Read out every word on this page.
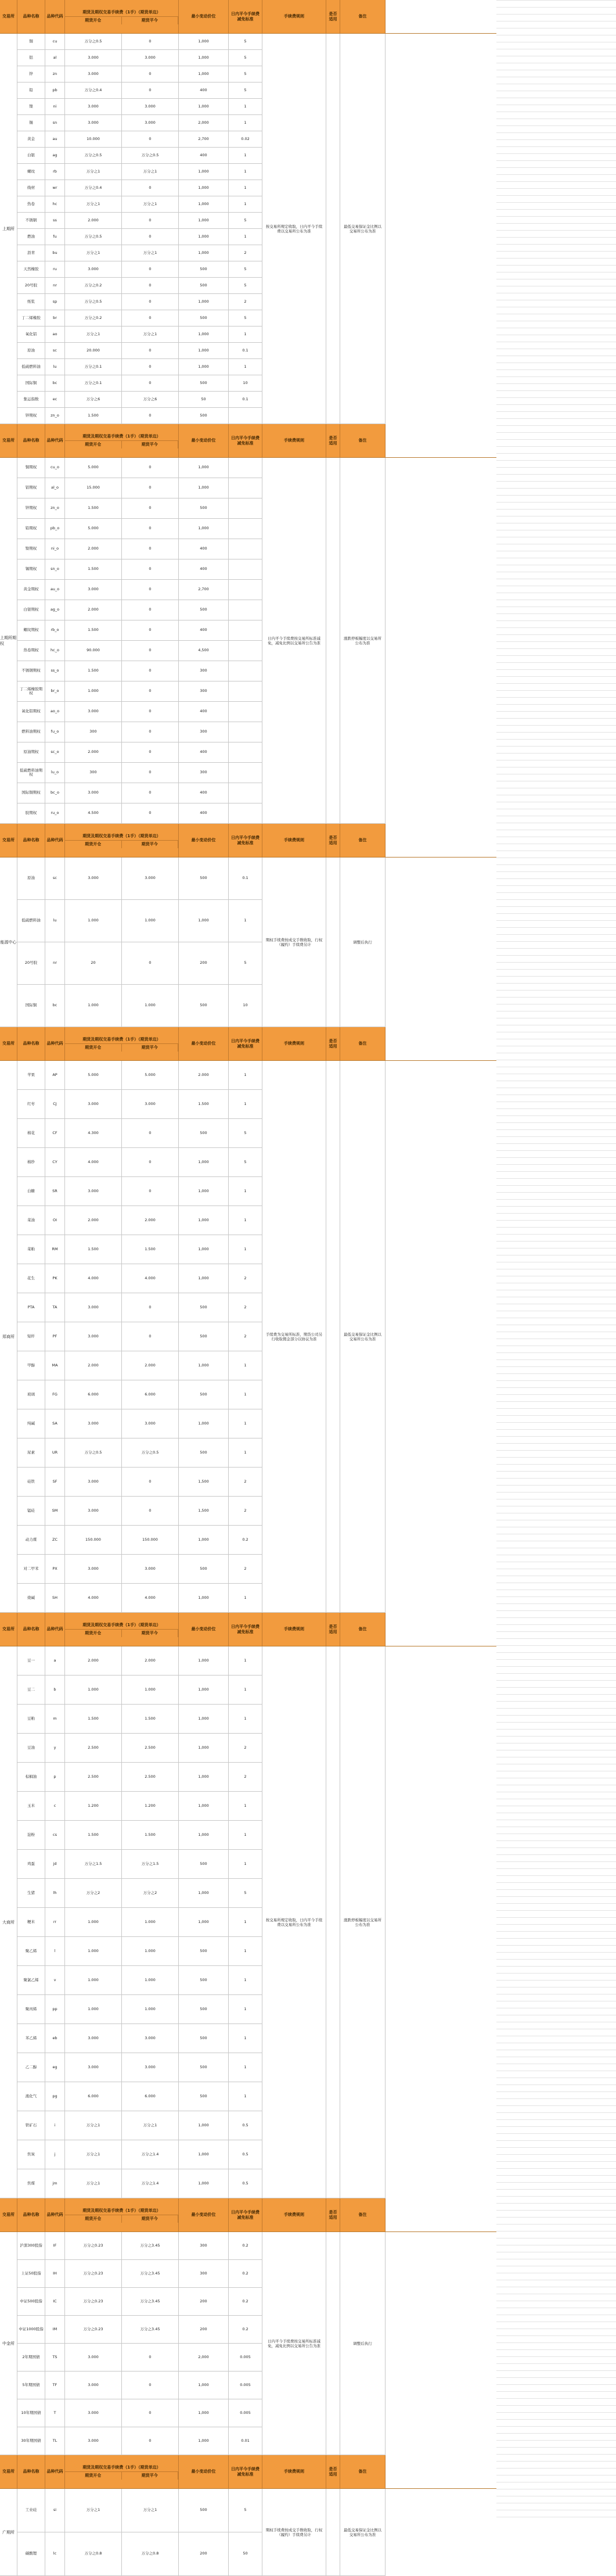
交易所	品种名称	品种代码
期货及期权交易手续费（1手）（期货单边）
期货开仓	期货平今
最小变动价位
日内平今手续费减免标准
手续费规则
是否适用
备注
上期所
铜	cu	万分之0.5	0	1,000	5
铝	al	3.000	3.000	1,000	5
锌	zn	3.000	0	1,000	5
铅	pb	万分之0.4	0	400	5
镍	ni	3.000	3.000	1,000	1
锡	sn	3.000	3.000	2,000	1
黄金	au	10.000	0	2,700	0.02
白银	ag	万分之0.5	万分之0.5	400	1
螺纹	rb	万分之1	万分之1	1,000	1
线材	wr	万分之0.4	0	1,000	1
热卷	hc	万分之1	万分之1	1,000	1
不锈钢	ss	2.000	0	1,000	5
燃油	fu	万分之0.5	0	1,000	1
沥青	bu	万分之1	万分之1	1,000	2
天然橡胶	ru	3.000	0	500	5
20号胶	nr	万分之0.2	0	500	5
纸浆	sp	万分之0.5	0	1,000	2
丁二烯橡胶	br	万分之0.2	0	500	5
氧化铝	ao	万分之1	万分之1	1,000	1
原油	sc	20.000	0	1,000	0.1
低硫燃料油	lu	万分之0.1	0	1,000	1
国际铜	bc	万分之0.1	0	500	10
集运指数	ec	万分之6	万分之6	50	0.1
锌期权	zn_o	1.500	0	500
按交易所规定收取，日内平今手续费以交易所公布为准
最低交易保证金比例以交易所公布为准
交易所	品种名称	品种代码
期货及期权交易手续费（1手）（期货单边）
期货开仓	期货平今
最小变动价位
日内平今手续费减免标准
手续费规则
是否适用
备注
上期所期权
铜期权	cu_o	5.000	0	1,000
铝期权	al_o	15.000	0	1,000
锌期权	zn_o	1.500	0	500
铅期权	pb_o	5.000	0	1,000
镍期权	ni_o	2.000	0	400
锡期权	sn_o	1.500	0	400
黄金期权	au_o	3.000	0	2,700
白银期权	ag_o	2.000	0	500
螺纹期权	rb_o	1.500	0	400
热卷期权	hc_o	90.000	0	4,500
不锈钢期权	ss_o	1.500	0	300
丁二烯橡胶期权	br_o	1.000	0	300
氧化铝期权	ao_o	3.000	0	400
燃料油期权	fu_o	300	0	300
原油期权	sc_o	2.000	0	400
低硫燃料油期权	lu_o	300	0	300
国际铜期权	bc_o	3.000	0	400
胶期权	ru_o	4.500	0	400
日内平今手续费按交易所标准减免，减免比例以交易所公告为准
涨跌停板幅度以交易所公布为准
交易所	品种名称	品种代码
期货及期权交易手续费（1手）（期货单边）
期货开仓	期货平今
最小变动价位
日内平今手续费减免标准
手续费规则
是否适用
备注
能源中心
原油	sc	3.000	3.000	500	0.1
低硫燃料油	lu	1.000	1.000	1,000	1
20号胶	nr	20	0	200	5
国际铜	bc	1.000	1.000	500	10
期权手续费按成交手数收取，行权（履约）手续费另计	调整后执行
交易所	品种名称	品种代码
期货及期权交易手续费（1手）（期货单边）
期货开仓	期货平今
最小变动价位
日内平今手续费减免标准
手续费规则
是否适用
备注
郑商所
苹果	AP	5.000	5.000	2.000	1
红枣	CJ	3.000	3.000	1.500	1
棉花	CF	4.300	0	500	5
棉纱	CY	4.000	0	1,000	5
白糖	SR	3.000	0	1,000	1
菜油	OI	2.000	2.000	1,000	1
菜粕	RM	1.500	1.500	1,000	1
花生	PK	4.000	4.000	1,000	2
PTA	TA	3.000	0	500	2
短纤	PF	3.000	0	500	2
甲醇	MA	2.000	2.000	1,000	1
玻璃	FG	6.000	6.000	500	1
纯碱	SA	3.000	3.000	1,000	1
尿素	UR	万分之0.5	万分之0.5	500	1
硅铁	SF	3.000	0	1,500	2
锰硅	SM	3.000	0	1,500	2
动力煤	ZC	150.000	150.000	1,000	0.2
对二甲苯	PX	3.000	3.000	500	2
烧碱	SH	4.000	4.000	1,000	1
手续费为交易所标准，期货公司另行收取佣金部分以协议为准
最低交易保证金比例以交易所公布为准
交易所	品种名称	品种代码
期货及期权交易手续费（1手）（期货单边）
期货开仓	期货平今
最小变动价位
日内平今手续费减免标准
手续费规则
是否适用
备注
大商所
豆一	a	2.000	2.000	1,000	1
豆二	b	1.000	1.000	1,000	1
豆粕	m	1.500	1.500	1,000	1
豆油	y	2.500	2.500	1,000	2
棕榈油	p	2.500	2.500	1,000	2
玉米	c	1.200	1.200	1,000	1
淀粉	cs	1.500	1.500	1,000	1
鸡蛋	jd	万分之1.5	万分之1.5	500	1
生猪	lh	万分之2	万分之2	1,000	5
粳米	rr	1.000	1.000	1,000	1
聚乙烯	l	1.000	1.000	500	1
聚氯乙烯	v	1.000	1.000	500	1
聚丙烯	pp	1.000	1.000	500	1
苯乙烯	eb	3.000	3.000	500	1
乙二醇	eg	3.000	3.000	500	1
液化气	pg	6.000	6.000	500	1
铁矿石	i	万分之1	万分之1	1,000	0.5
焦炭	j	万分之1	万分之1.4	1,000	0.5
焦煤	jm	万分之1	万分之1.4	1,000	0.5
按交易所规定收取，日内平今手续费以交易所公布为准
涨跌停板幅度以交易所公布为准
交易所	品种名称	品种代码
期货及期权交易手续费（1手）（期货单边）
期货开仓	期货平今
最小变动价位
日内平今手续费减免标准
手续费规则
是否适用
备注
中金所
沪深300股指	IF	万分之0.23	万分之3.45	300	0.2
上证50股指	IH	万分之0.23	万分之3.45	300	0.2
中证500股指	IC	万分之0.23	万分之3.45	200	0.2
中证1000股指	IM	万分之0.23	万分之3.45	200	0.2
2年期国债	TS	3.000	0	2,000	0.005
5年期国债	TF	3.000	0	1,000	0.005
10年期国债	T	3.000	0	1,000	0.005
30年期国债	TL	3.000	0	1,000	0.01
日内平今手续费按交易所标准减免，减免比例以交易所公告为准	调整后执行
交易所	品种名称	品种代码
期货及期权交易手续费（1手）（期货单边）
期货开仓	期货平今
最小变动价位
日内平今手续费减免标准
手续费规则
是否适用
备注
广期所
工业硅	si	万分之1	万分之1	500	5
碳酸锂	lc	万分之0.8	万分之0.8	200	50
期权手续费按成交手数收取，行权（履约）手续费另计
最低交易保证金比例以交易所公布为准
